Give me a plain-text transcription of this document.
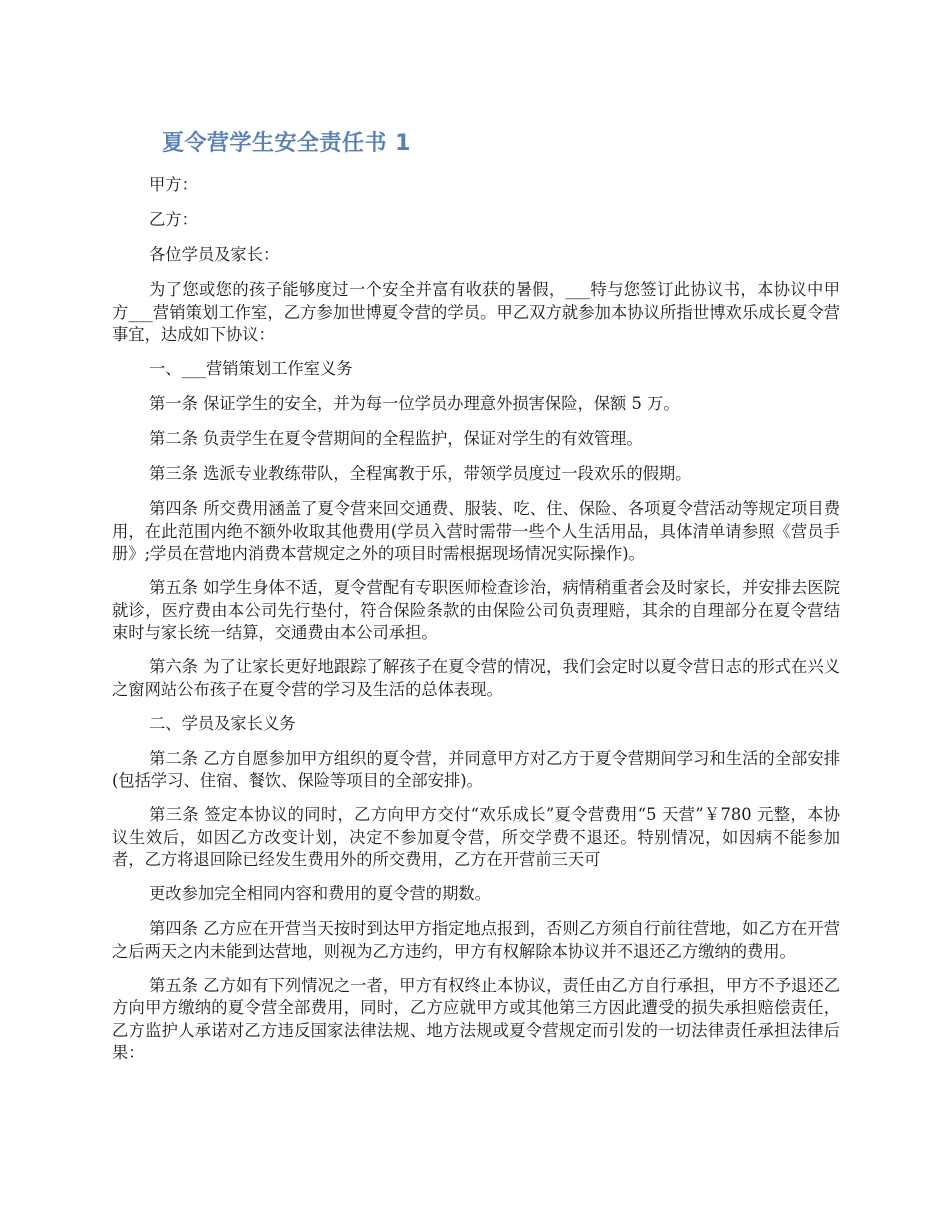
夏令营学生安全责任书 1

甲方：

乙方：

各位学员及家长：

为了您或您的孩子能够度过一个安全并富有收获的暑假，___特与您签订此协议书，本协议中甲方___营销策划工作室，乙方参加世博夏令营的学员。甲乙双方就参加本协议所指世博欢乐成长夏令营事宜，达成如下协议：

一、___营销策划工作室义务

第一条 保证学生的安全，并为每一位学员办理意外损害保险，保额 5 万。

第二条 负责学生在夏令营期间的全程监护，保证对学生的有效管理。

第三条 选派专业教练带队，全程寓教于乐，带领学员度过一段欢乐的假期。

第四条 所交费用涵盖了夏令营来回交通费、服装、吃、住、保险、各项夏令营活动等规定项目费用，在此范围内绝不额外收取其他费用(学员入营时需带一些个人生活用品，具体清单请参照《营员手册》;学员在营地内消费本营规定之外的项目时需根据现场情况实际操作)。

第五条 如学生身体不适，夏令营配有专职医师检查诊治，病情稍重者会及时家长，并安排去医院就诊，医疗费由本公司先行垫付，符合保险条款的由保险公司负责理赔，其余的自理部分在夏令营结束时与家长统一结算，交通费由本公司承担。

第六条 为了让家长更好地跟踪了解孩子在夏令营的情况，我们会定时以夏令营日志的形式在兴义之窗网站公布孩子在夏令营的学习及生活的总体表现。

二、学员及家长义务

第二条 乙方自愿参加甲方组织的夏令营，并同意甲方对乙方于夏令营期间学习和生活的全部安排(包括学习、住宿、餐饮、保险等项目的全部安排)。

第三条 签定本协议的同时，乙方向甲方交付“欢乐成长”夏令营费用“5 天营”￥780 元整，本协议生效后，如因乙方改变计划，决定不参加夏令营，所交学费不退还。特别情况，如因病不能参加者，乙方将退回除已经发生费用外的所交费用，乙方在开营前三天可

更改参加完全相同内容和费用的夏令营的期数。

第四条 乙方应在开营当天按时到达甲方指定地点报到，否则乙方须自行前往营地，如乙方在开营之后两天之内未能到达营地，则视为乙方违约，甲方有权解除本协议并不退还乙方缴纳的费用。

第五条 乙方如有下列情况之一者，甲方有权终止本协议，责任由乙方自行承担，甲方不予退还乙方向甲方缴纳的夏令营全部费用，同时，乙方应就甲方或其他第三方因此遭受的损失承担赔偿责任，乙方监护人承诺对乙方违反国家法律法规、地方法规或夏令营规定而引发的一切法律责任承担法律后果：
